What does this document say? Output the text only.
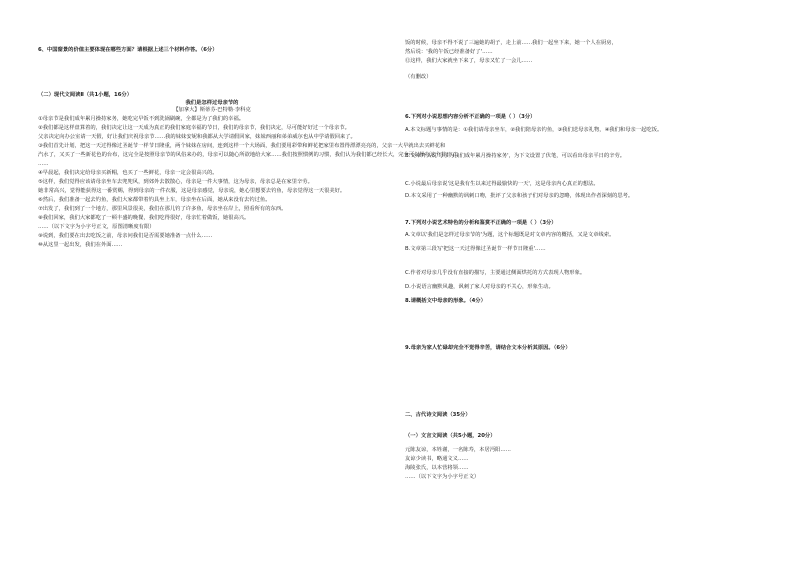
6、中国窗景的价值主要体现在哪些方面？请根据上述三个材料作答。（6分）
（二）现代文阅读Ⅱ（共1小题，16分）
我们是怎样过母亲节的
【加拿大】斯蒂芬·巴特勒·李科克
①母亲节是我们成年累月操持家务，她吃完早饭不到洗锅刷碗，全都是为了我们的幸福。
②我们都是这样盘算着的，我们决定让这一天成为真正的我们家庭幸福的节日，我们的母亲节，我们决定，尽可能好好过一个母亲节。
父亲决定向办公室请一天假，好让我们庆祝母亲节……我的妹妹安妮和我都从大学请假回家，妹妹西丽和弟弟威尔也从中学请假回来了。
③我们首先计划，把这一天过得像过圣诞节一样节日隆重，两个妹妹在房间，连到这样一个大场面，我们要用彩带和鲜花把家里布置得漂漂亮亮的，父亲一大早就出去买鲜花和
汽水了，又买了一些新花色的台布，这完全是按照母亲节的风俗来办的，母亲可以随心所欲地给大家……我们按照惯例的习惯，我们认为我们都已经长大，完全可以操办这个节日了。
……
④早晨起，我们决定给母亲买新帽，也买了一些鲜花，母亲一定会很高兴的。
⑤这样，我们觉得应该请母亲坐车去兜兜风，到郊外去散散心，母亲是一件大事情，这为母亲，母亲总是在家里辛劳。
她非常高兴，觉得能获得这一番赏赐，得到母亲的一件衣服，这是母亲感觉，母亲说，她心里想要去钓鱼，母亲觉得这一天很美好。
⑥然后，我们准备一起去钓鱼，我们大家都带着钓具坐上车，母亲坐在后面，她从来没有去钓过鱼。
⑦出发了，我们到了一个地方，那里风景很美，我们在那儿钓了许多鱼，母亲坐在岸上，照看所有的东西。
⑧我们回家，我们大家都吃了一顿丰盛的晚餐，我们吃得很好，母亲忙着做饭，她很高兴。
……（以下文字为小字号正文，原图清晰度有限）
⑨说到，我们要在出去吃饭之前，母亲问我们是否需要她准备一点什么……
⑩从这里一起出发，我们在外面……
饭的时候，母亲不得不说了三遍她的胡子，走上前……我们一起坐下来，她一个人在厨房，
然后说：'我的午饭已经准备好了'……
⑫这样，我们大家就坐下来了，母亲又忙了一会儿……
（有删改）
6.下列对小说思想内容分析不正确的一项是（ ）（3分）
A.本文标题与事情的是：①我们请母亲坐车，②我们陪母亲钓鱼，③我们送母亲礼物，④我们和母亲一起吃饭。
B.文章开头说'母亲为我们成年累月操持家务'，为下文设置了伏笔，可以看出母亲平日的辛劳。
C.小说最后母亲说'这是我有生以来过得最愉快的一天'，这是母亲内心真正的想法。
D.本文采用了一种幽默的讽刺口吻，批评了父亲和孩子们对母亲的忽略，体现出作者深刻的思考。
7.下列对小说艺术特色的分析和鉴赏不正确的一项是（ ）（3分）
A.文章以'我们是怎样过母亲节的'为题，这个标题既是对文章内容的概括，又是文章线索。
B.文章第三段写'把这一天过得像过圣诞节一样节日隆重'……
C.作者对母亲几乎没有直接的描写，主要通过侧面烘托的方式表现人物形象。
D.小说语言幽默风趣，讽刺了家人对母亲的不关心，形象生动。
8.请概括文中母亲的形象。（4分）
9.母亲为家人忙碌却完全不觉得辛苦，请结合文本分析其原因。（6分）
二、古代诗文阅读（35分）
（一）文言文阅读（共5小题，20分）
元陈友谅，本姓谢，一名陈寿，本居沔阳……
友谅少读书，略通文义……
海陵张氏，以本营将领……
……（以下文字为小字号正文）
